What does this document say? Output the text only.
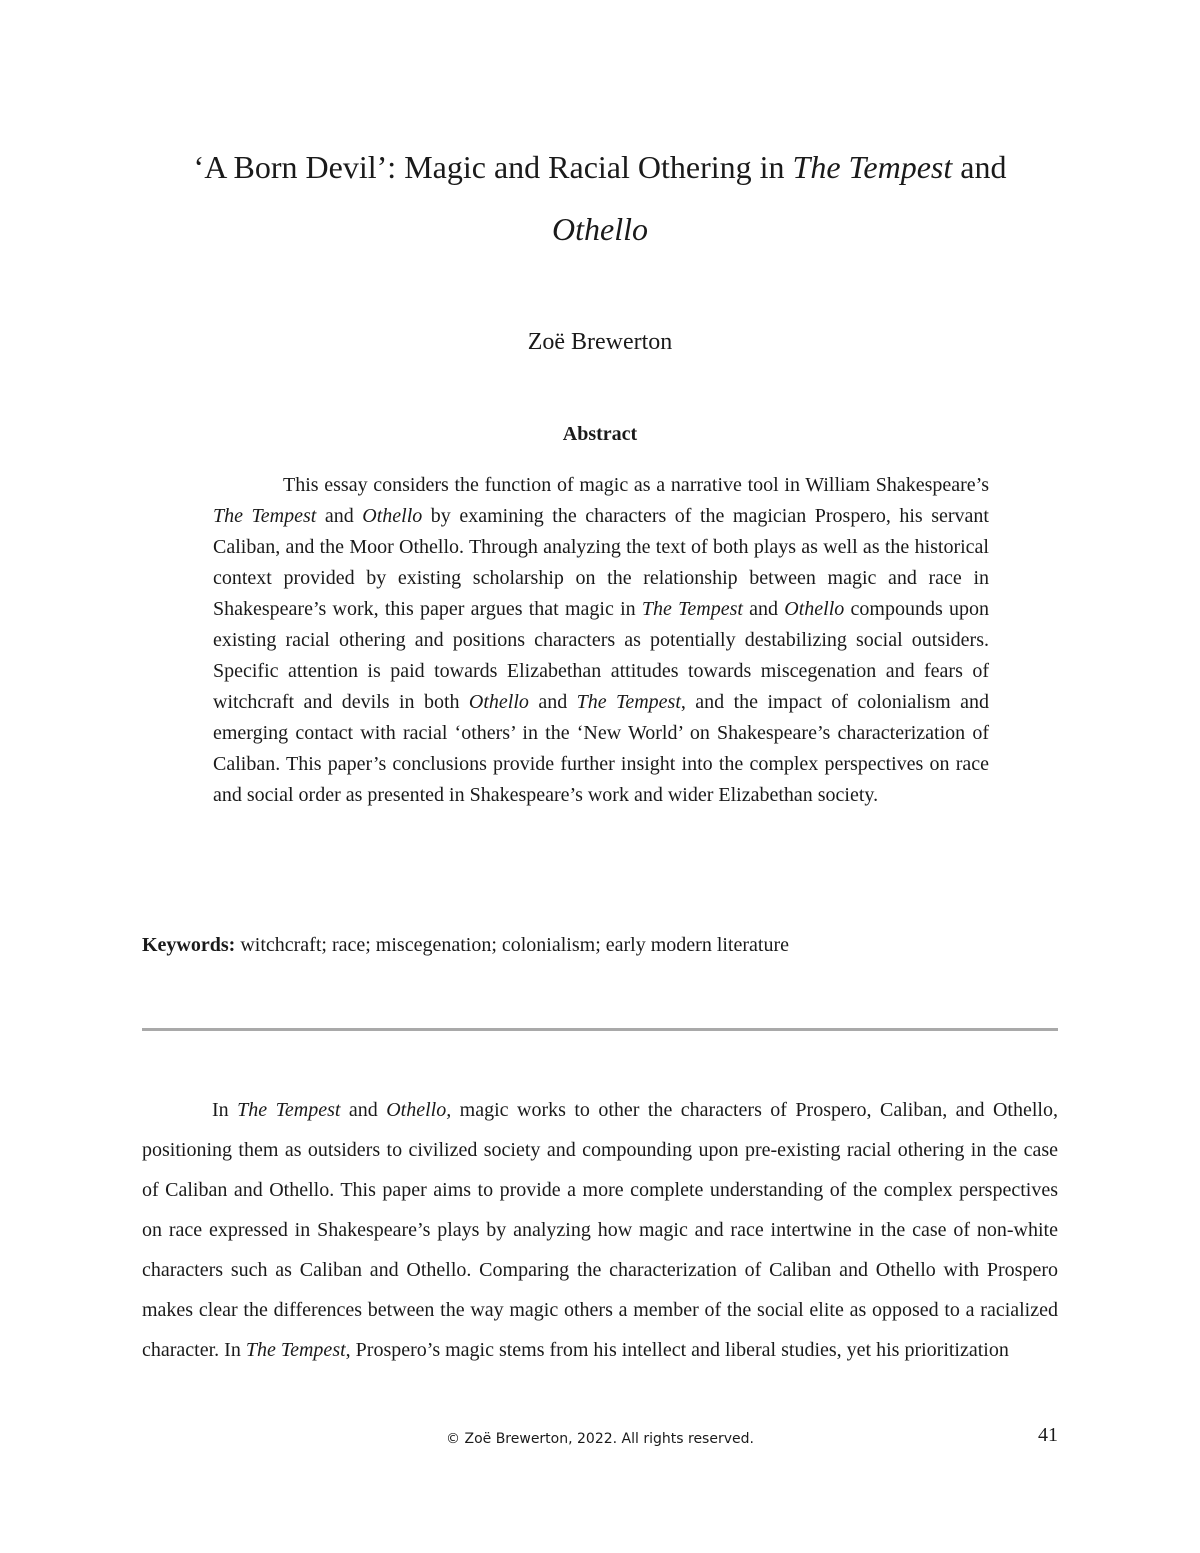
‘A Born Devil’: Magic and Racial Othering in The Tempest and
Othello
Zoë Brewerton
Abstract

This essay considers the function of magic as a narrative tool in William Shakespeare’s The Tempest and Othello by examining the characters of the magician Prospero, his servant Caliban, and the Moor Othello. Through analyzing the text of both plays as well as the historical context provided by existing scholarship on the relationship between magic and race in Shakespeare’s work, this paper argues that magic in The Tempest and Othello compounds upon existing racial othering and positions characters as potentially destabilizing social outsiders. Specific attention is paid towards Elizabethan attitudes towards miscegenation and fears of witchcraft and devils in both Othello and The Tempest, and the impact of colonialism and emerging contact with racial ‘others’ in the ‘New World’ on Shakespeare’s characterization of Caliban. This paper’s conclusions provide further insight into the complex perspectives on race and social order as presented in Shakespeare’s work and wider Elizabethan society.

Keywords: witchcraft; race; miscegenation; colonialism; early modern literature

In The Tempest and Othello, magic works to other the characters of Prospero, Caliban, and Othello, positioning them as outsiders to civilized society and compounding upon pre-existing racial othering in the case of Caliban and Othello. This paper aims to provide a more complete understanding of the complex perspectives on race expressed in Shakespeare’s plays by analyzing how magic and race intertwine in the case of non-white characters such as Caliban and Othello. Comparing the characterization of Caliban and Othello with Prospero makes clear the differences between the way magic others a member of the social elite as opposed to a racialized character. In The Tempest, Prospero’s magic stems from his intellect and liberal studies, yet his prioritization

© Zoë Brewerton, 2022. All rights reserved.	41
